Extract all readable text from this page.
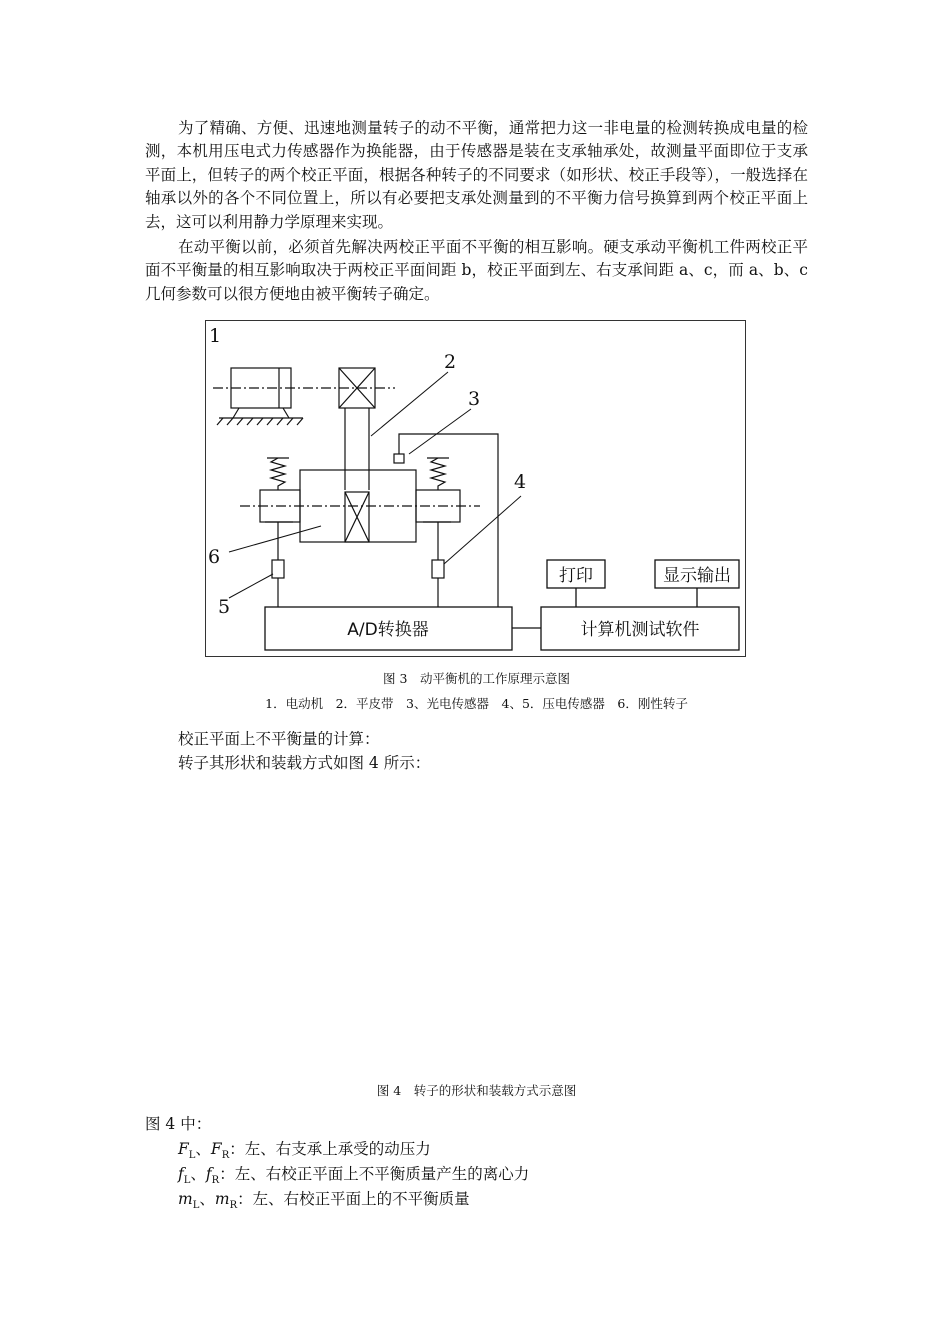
为了精确、方便、迅速地测量转子的动不平衡，通常把力这一非电量的检测转换成电量的检测，本机用压电式力传感器作为换能器，由于传感器是装在支承轴承处，故测量平面即位于支承平面上，但转子的两个校正平面，根据各种转子的不同要求（如形状、校正手段等），一般选择在轴承以外的各个不同位置上，所以有必要把支承处测量到的不平衡力信号换算到两个校正平面上去，这可以利用静力学原理来实现。

在动平衡以前，必须首先解决两校正平面不平衡的相互影响。硬支承动平衡机工件两校正平面不平衡量的相互影响取决于两校正平面间距 b，校正平面到左、右支承间距 a、c，而 a、b、c 几何参数可以很方便地由被平衡转子确定。

1
2
3
4
5
6
A/D转换器	计算机测试软件
打印	显示输出
图 3　动平衡机的工作原理示意图
1．电动机　2．平皮带　3、光电传感器　4、5．压电传感器　6．刚性转子

校正平面上不平衡量的计算：

转子其形状和装载方式如图 4 所示：

图 4　转子的形状和装载方式示意图

图 4 中：

$F_L$、$F_R$：左、右支承上承受的动压力

$f_L$、$f_R$：左、右校正平面上不平衡质量产生的离心力

$m_L$、$m_R$：左、右校正平面上的不平衡质量
